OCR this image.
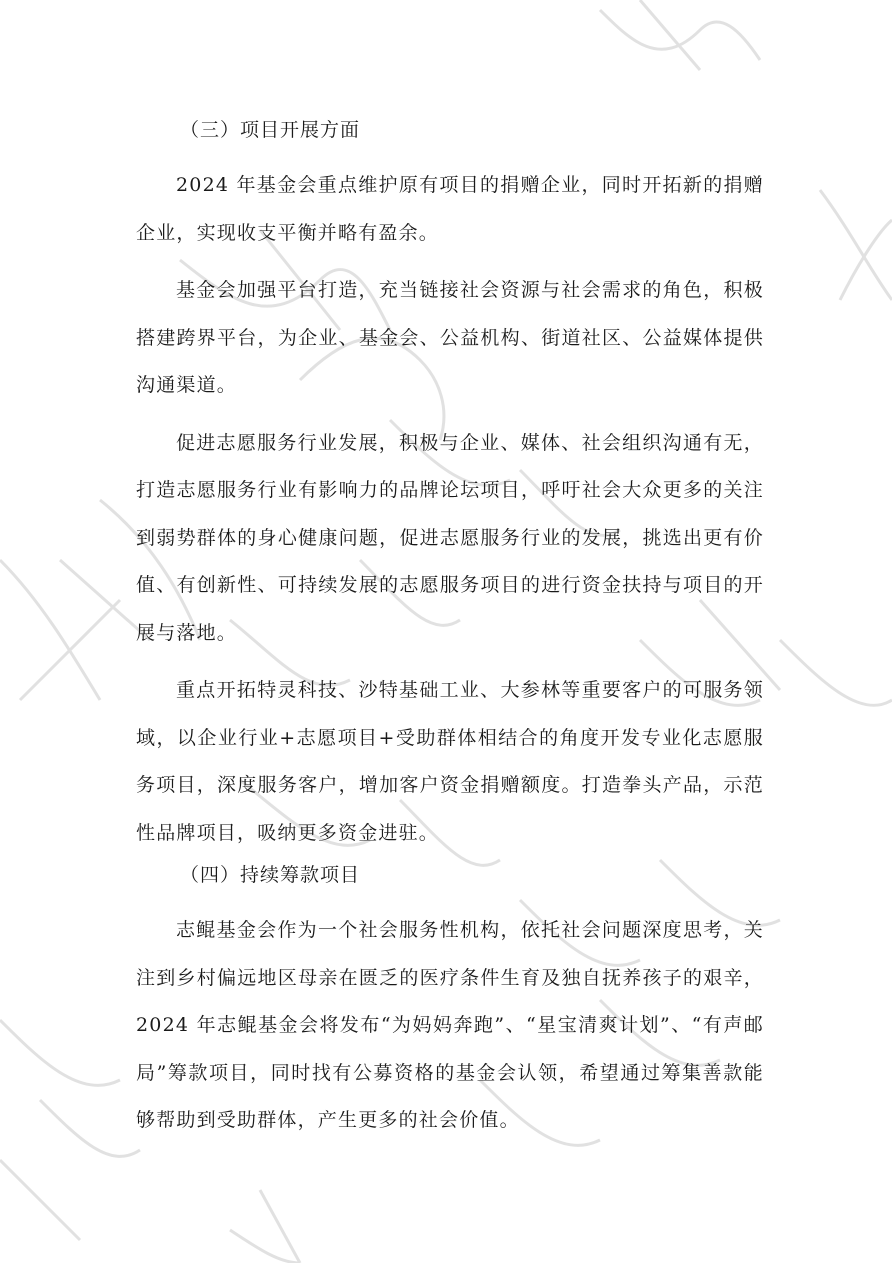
（三）项目开展方面

2024 年基金会重点维护原有项目的捐赠企业，同时开拓新的捐赠企业，实现收支平衡并略有盈余。

基金会加强平台打造，充当链接社会资源与社会需求的角色，积极搭建跨界平台，为企业、基金会、公益机构、街道社区、公益媒体提供沟通渠道。

促进志愿服务行业发展，积极与企业、媒体、社会组织沟通有无，打造志愿服务行业有影响力的品牌论坛项目，呼吁社会大众更多的关注到弱势群体的身心健康问题，促进志愿服务行业的发展，挑选出更有价值、有创新性、可持续发展的志愿服务项目的进行资金扶持与项目的开展与落地。

重点开拓特灵科技、沙特基础工业、大参林等重要客户的可服务领域，以企业行业+志愿项目+受助群体相结合的角度开发专业化志愿服务项目，深度服务客户，增加客户资金捐赠额度。打造拳头产品，示范性品牌项目，吸纳更多资金进驻。

（四）持续筹款项目

志鲲基金会作为一个社会服务性机构，依托社会问题深度思考，关注到乡村偏远地区母亲在匮乏的医疗条件生育及独自抚养孩子的艰辛，2024 年志鲲基金会将发布“为妈妈奔跑”、“星宝清爽计划”、“有声邮局”筹款项目，同时找有公募资格的基金会认领，希望通过筹集善款能够帮助到受助群体，产生更多的社会价值。
